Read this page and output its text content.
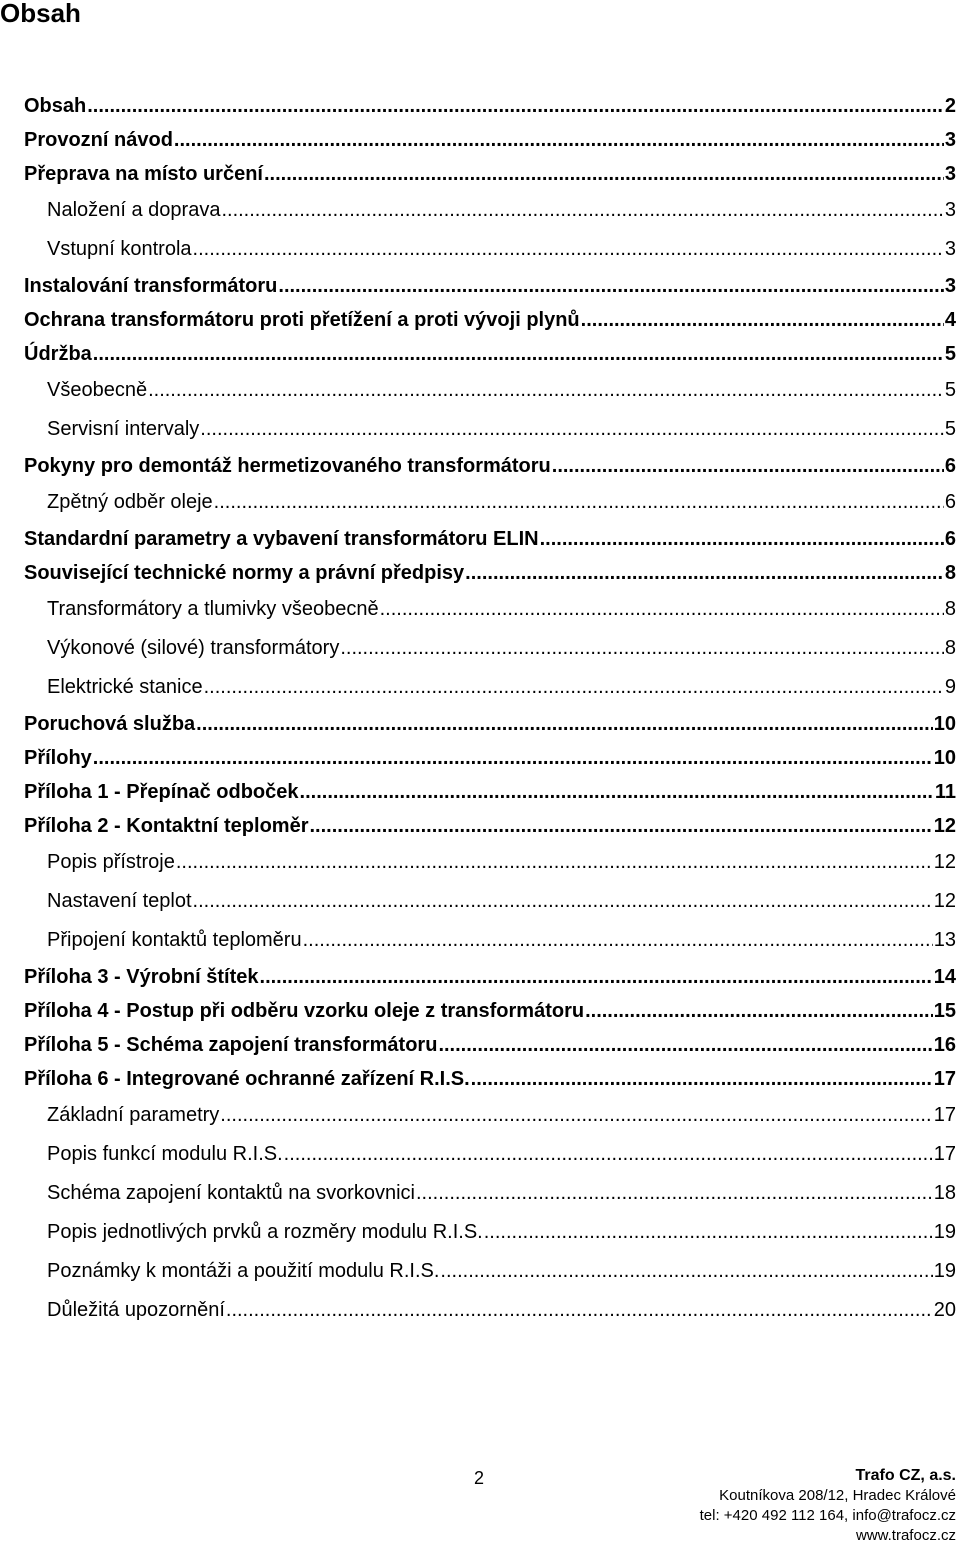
Obsah
Obsah .....	2
Provozní návod .....	3
Přeprava na místo určení .....	3
Naložení a doprava .....	3
Vstupní kontrola .....	3
Instalování transformátoru .....	3
Ochrana transformátoru proti přetížení a proti vývoji plynů .....	4
Údržba .....	5
Všeobecně .....	5
Servisní intervaly .....	5
Pokyny pro demontáž hermetizovaného transformátoru .....	6
Zpětný odběr oleje .....	6
Standardní parametry a vybavení transformátoru ELIN .....	6
Související technické normy a právní předpisy .....	8
Transformátory a tlumivky všeobecně .....	8
Výkonové (silové) transformátory .....	8
Elektrické stanice .....	9
Poruchová služba .....	10
Přílohy .....	10
Příloha 1 - Přepínač odboček .....	11
Příloha 2 - Kontaktní teploměr .....	12
Popis přístroje .....	12
Nastavení teplot .....	12
Připojení kontaktů teploměru .....	13
Příloha 3 - Výrobní štítek .....	14
Příloha 4 - Postup při odběru vzorku oleje z transformátoru .....	15
Příloha 5 - Schéma zapojení transformátoru .....	16
Příloha 6 - Integrované ochranné zařízení R.I.S. .....	17
Základní parametry .....	17
Popis funkcí modulu R.I.S. .....	17
Schéma zapojení kontaktů na svorkovnici .....	18
Popis jednotlivých prvků a rozměry modulu R.I.S. .....	19
Poznámky k montáži a použití modulu R.I.S. .....	19
Důležitá upozornění .....	20
2	Trafo CZ, a.s.
Koutníkova 208/12, Hradec Králové
tel: +420 492 112 164, info@trafocz.cz
www.trafocz.cz
